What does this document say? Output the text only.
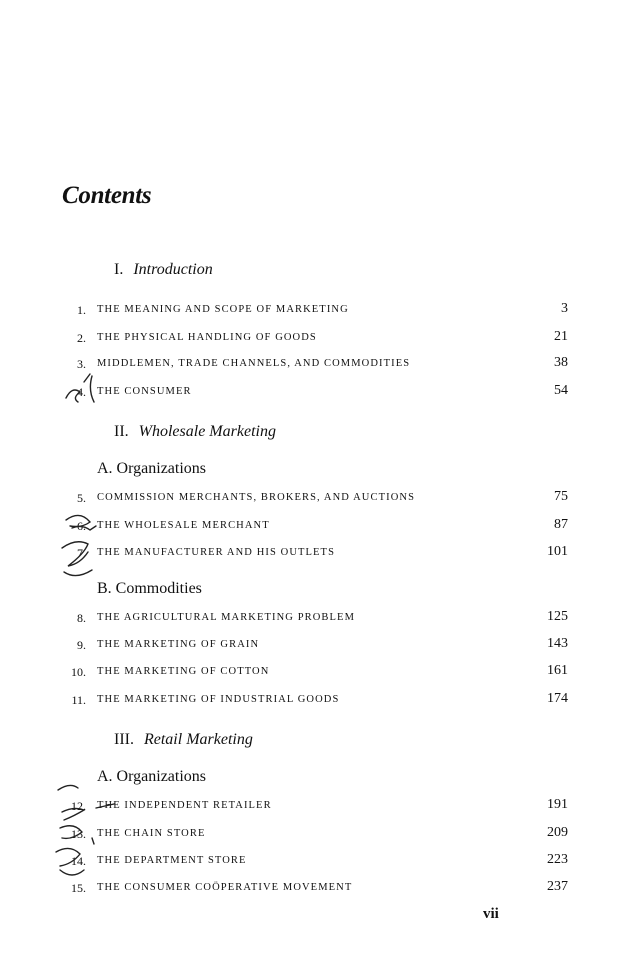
Contents
I. Introduction
1. THE MEANING AND SCOPE OF MARKETING	3
2. THE PHYSICAL HANDLING OF GOODS	21
3. MIDDLEMEN, TRADE CHANNELS, AND COMMODITIES	38
4. THE CONSUMER	54
II. Wholesale Marketing
A. Organizations
5. COMMISSION MERCHANTS, BROKERS, AND AUCTIONS	75
6. THE WHOLESALE MERCHANT	87
7. THE MANUFACTURER AND HIS OUTLETS	101
B. Commodities
8. THE AGRICULTURAL MARKETING PROBLEM	125
9. THE MARKETING OF GRAIN	143
10. THE MARKETING OF COTTON	161
11. THE MARKETING OF INDUSTRIAL GOODS	174
III. Retail Marketing
A. Organizations
12. THE INDEPENDENT RETAILER	191
13. THE CHAIN STORE	209
14. THE DEPARTMENT STORE	223
15. THE CONSUMER COÖPERATIVE MOVEMENT	237
vii
